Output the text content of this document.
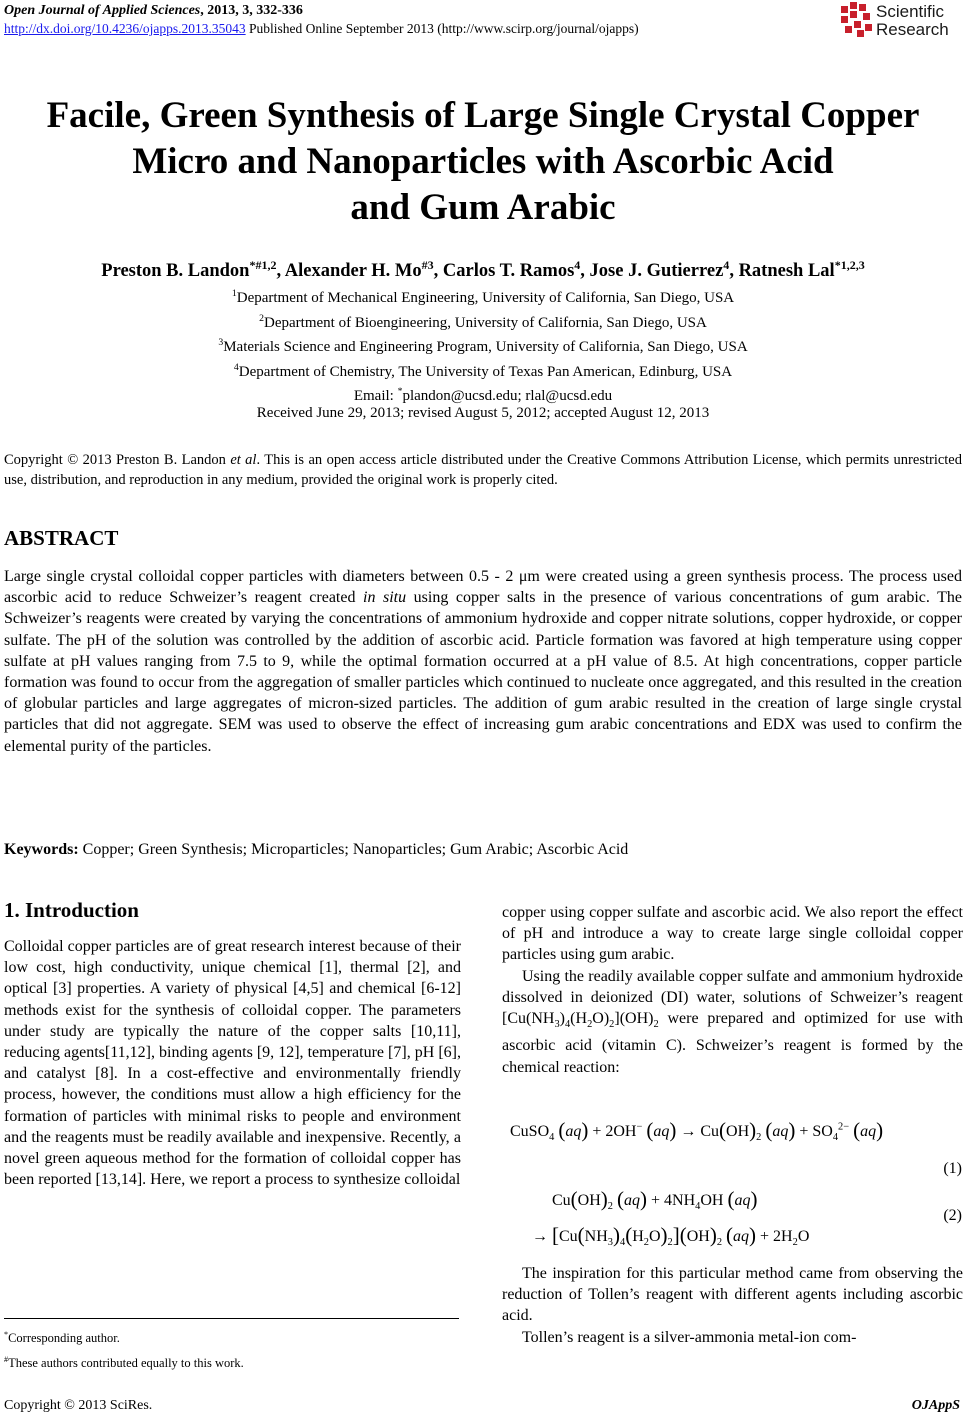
Open Journal of Applied Sciences, 2013, 3, 332-336
http://dx.doi.org/10.4236/ojapps.2013.35043 Published Online September 2013 (http://www.scirp.org/journal/ojapps)
Scientific
Research
Facile, Green Synthesis of Large Single Crystal Copper
Micro and Nanoparticles with Ascorbic Acid
and Gum Arabic
Preston B. Landon$^{*\#1,2}$, Alexander H. Mo$^{\#3}$, Carlos T. Ramos$^4$, Jose J. Gutierrez$^4$, Ratnesh Lal$^{*1,2,3}$
$^1$Department of Mechanical Engineering, University of California, San Diego, USA
$^2$Department of Bioengineering, University of California, San Diego, USA
$^3$Materials Science and Engineering Program, University of California, San Diego, USA
$^4$Department of Chemistry, The University of Texas Pan American, Edinburg, USA
Email: *plandon@ucsd.edu; rlal@ucsd.edu
Received June 29, 2013; revised August 5, 2012; accepted August 12, 2013
Copyright © 2013 Preston B. Landon et al. This is an open access article distributed under the Creative Commons Attribution License, which permits unrestricted use, distribution, and reproduction in any medium, provided the original work is properly cited.
ABSTRACT
Large single crystal colloidal copper particles with diameters between 0.5 - 2 μm were created using a green synthesis process. The process used ascorbic acid to reduce Schweizer’s reagent created in situ using copper salts in the presence of various concentrations of gum arabic. The Schweizer’s reagents were created by varying the concentrations of ammonium hydroxide and copper nitrate solutions, copper hydroxide, or copper sulfate. The pH of the solution was controlled by the addition of ascorbic acid. Particle formation was favored at high temperature using copper sulfate at pH values ranging from 7.5 to 9, while the optimal formation occurred at a pH value of 8.5. At high concentrations, copper particle formation was found to occur from the aggregation of smaller particles which continued to nucleate once aggregated, and this resulted in the creation of globular particles and large aggregates of micron-sized particles. The addition of gum arabic resulted in the creation of large single crystal particles that did not aggregate. SEM was used to observe the effect of increasing gum arabic concentrations and EDX was used to confirm the elemental purity of the particles.
Keywords: Copper; Green Synthesis; Microparticles; Nanoparticles; Gum Arabic; Ascorbic Acid
1. Introduction
Colloidal copper particles are of great research interest because of their low cost, high conductivity, unique chemical [1], thermal [2], and optical [3] properties. A variety of physical [4,5] and chemical [6-12] methods exist for the synthesis of colloidal copper. The parameters under study are typically the nature of the copper salts [10,11], reducing agents[11,12], binding agents [9, 12], temperature [7], pH [6], and catalyst [8]. In a cost-effective and environmentally friendly process, however, the conditions must allow a high efficiency for the formation of particles with minimal risks to people and environment and the reagents must be readily available and inexpensive. Recently, a novel green aqueous method for the formation of colloidal copper has been reported [13,14]. Here, we report a process to synthesize colloidal
copper using copper sulfate and ascorbic acid. We also report the effect of pH and introduce a way to create large single colloidal copper particles using gum arabic.
Using the readily available copper sulfate and ammonium hydroxide dissolved in deionized (DI) water, solutions of Schweizer’s reagent $[Cu(NH_3)_4(H_2O)_2](OH)_2$ were prepared and optimized for use with ascorbic acid (vitamin C). Schweizer’s reagent is formed by the chemical reaction:
CuSO$_4$ (aq) + 2OH− $(aq) \to Cu(OH)_2$ $(aq) + SO_4^{2-}$ (aq)
(1)
$Cu(OH)_2$ $(aq) + 4NH_4OH$ (aq)
→ $[Cu(NH_3)_4(H_2O)_2](OH)_2$ $(aq) + 2H_2O$
(2)
The inspiration for this particular method came from observing the reduction of Tollen’s reagent with different agents including ascorbic acid.
Tollen’s reagent is a silver-ammonia metal-ion com-
*Corresponding author.
#These authors contributed equally to this work.
Copyright © 2013 SciRes.	OJAppS
